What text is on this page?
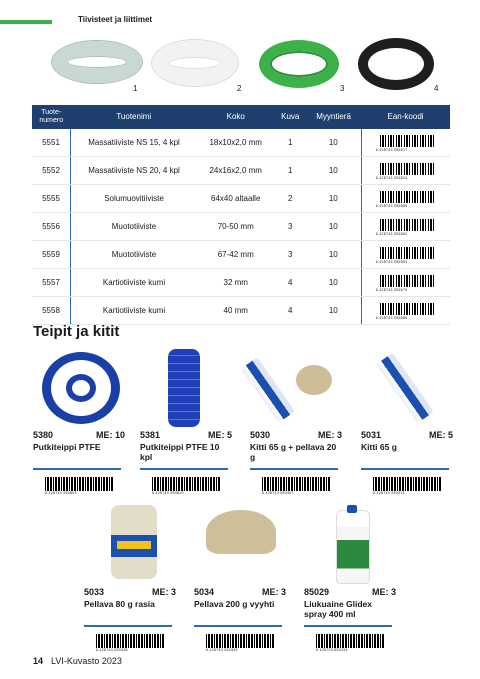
Tiivisteet ja liittimet
1	2	3	4
Tuote-numero	Tuotenimi	Koko	Kuva	Myyntierä	Ean-koodi
5551	Massatiiviste NS 15, 4 kpl	18x10x2,0 mm	1	10	6 428743 055517

5552	Massatiiviste NS 20, 4 kpl	24x16x2,0 mm	1	10	6 428743 055524

5555	Solumuovitiiviste	64x40 altaalle	2	10	6 428743 055555

5556	Muototiiviste	70-50 mm	3	10	6 428743 055562

5559	Muototiiviste	67-42 mm	3	10	6 428743 055593

5557	Kartiotiiviste kumi	32 mm	4	10	6 428743 055579

5558	Kartiotiiviste kumi	40 mm	4	10	6 428743 055586
Teipit ja kitit
5380	ME: 10
Putkiteippi PTFE
6 428743 053803
5381	ME: 5
Putkiteippi PTFE 10 kpl
6 428743 053810
5030	ME: 3
Kitti 65 g + pellava 20 g
6 428743 050307
5031	ME: 5
Kitti 65 g
6 428743 050314
5033	ME: 3
Pellava 80 g rasia
6 428743 050338
5034	ME: 3
Pellava 200 g vyyhti
6 428743 050345
85029	ME: 3
Liukuaine Glidex spray 400 ml
6 428703 850294
14 LVI-Kuvasto 2023
